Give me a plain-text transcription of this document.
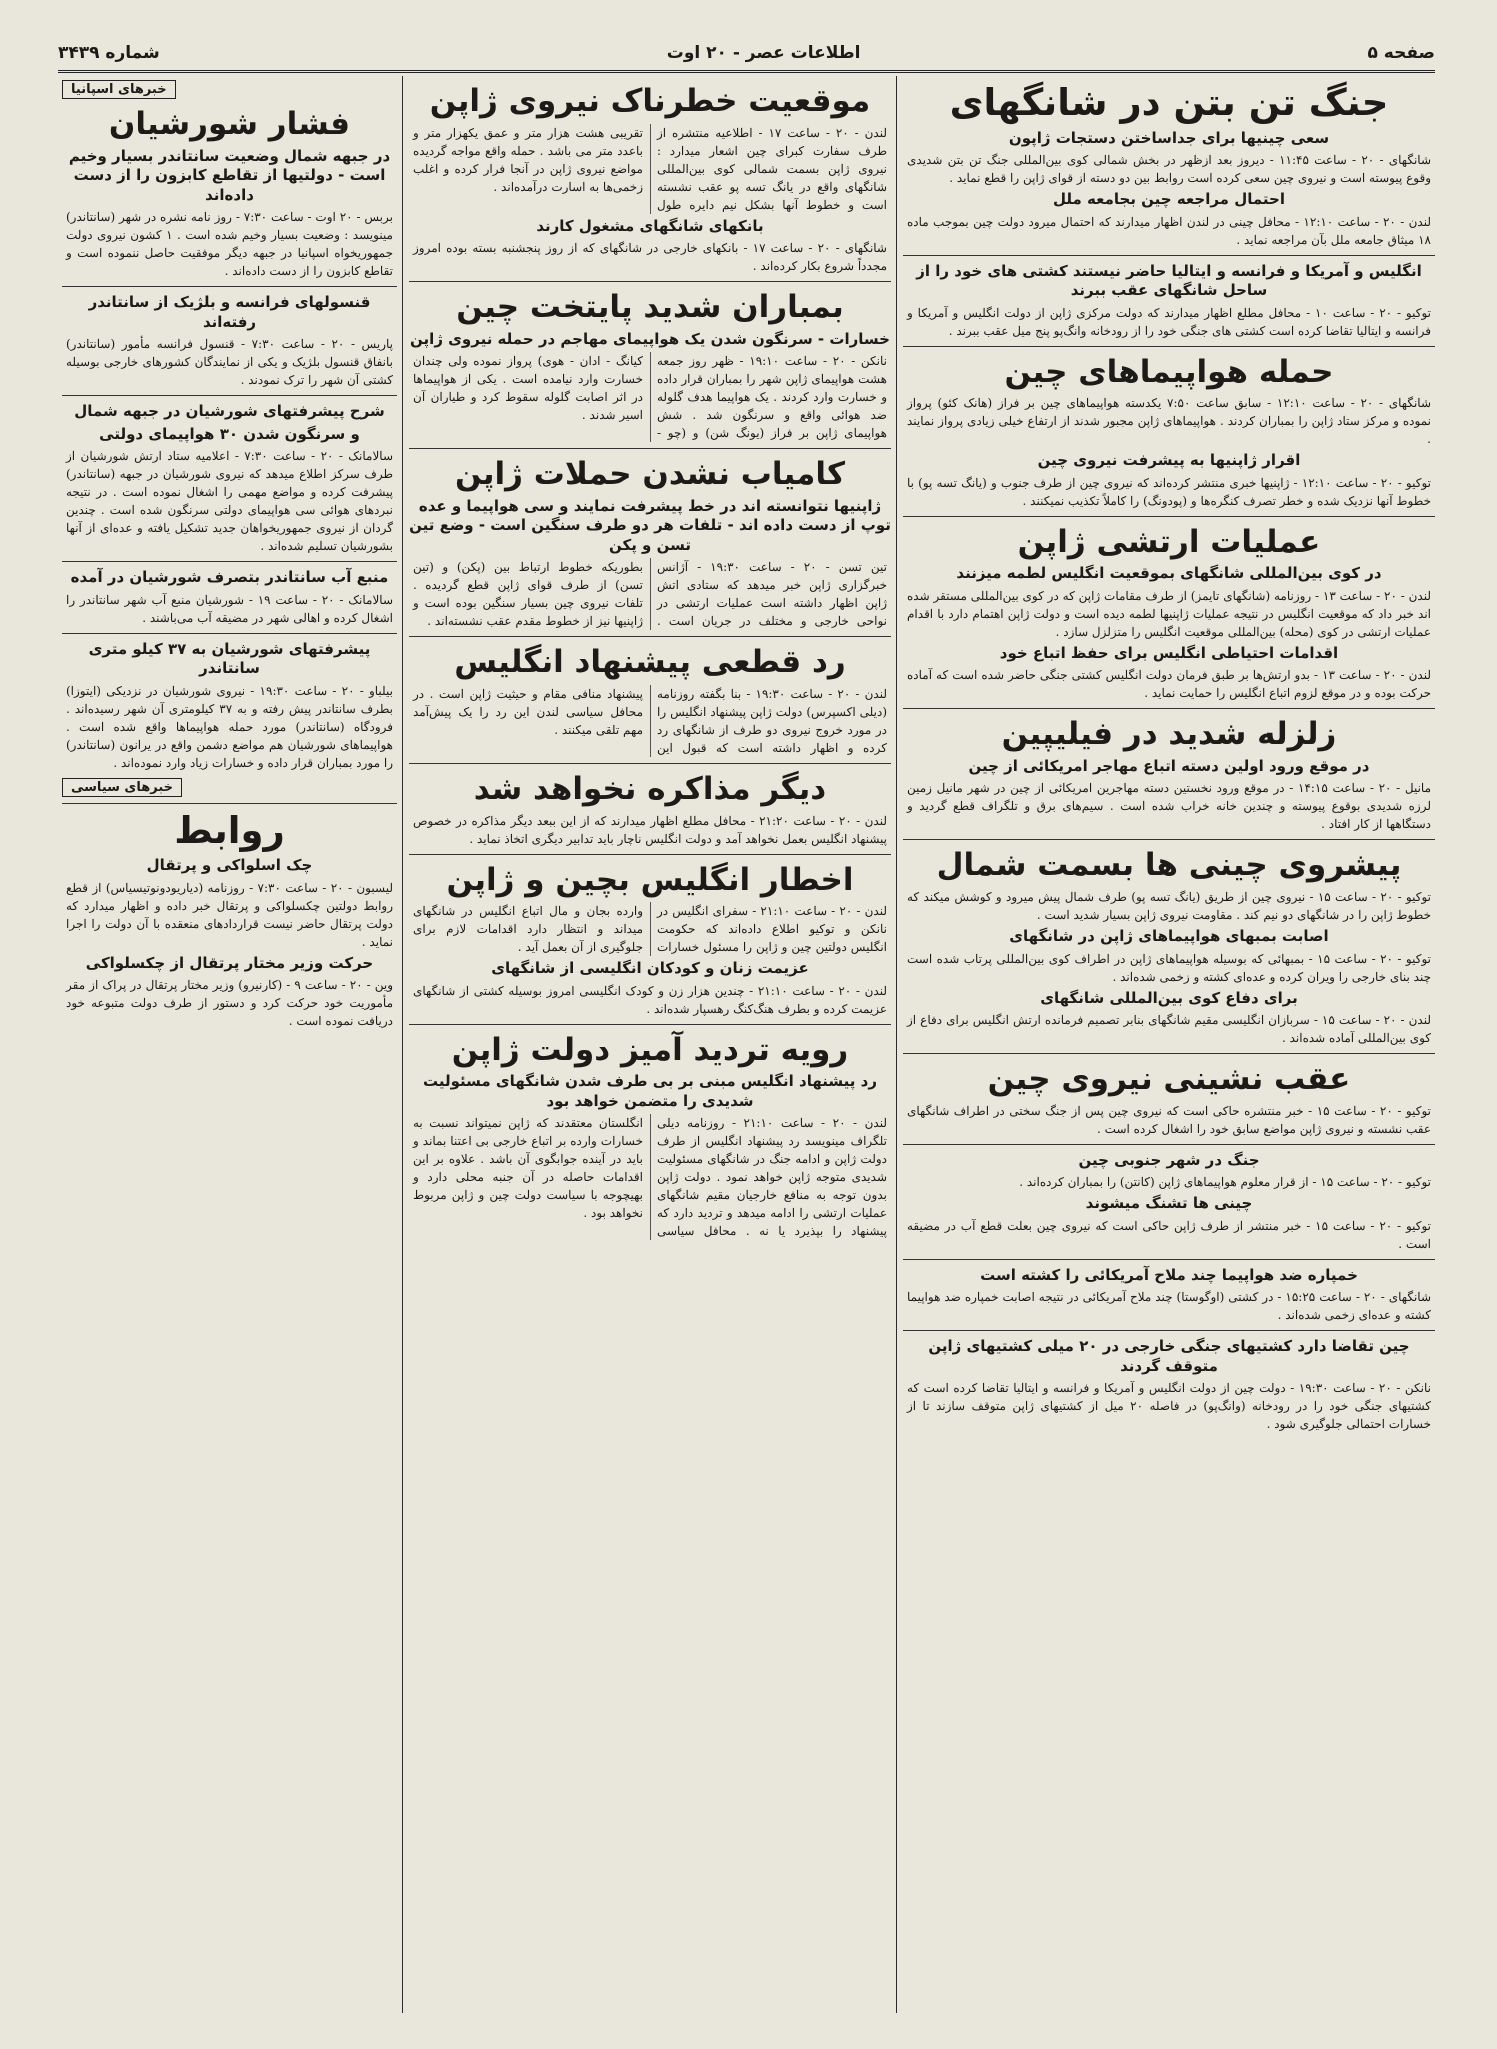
صفحه ۵
اطلاعات عصر - ۲۰ اوت
شماره ۳۴۳۹
جنگ تن بتن در شانگهای
سعی چینیها برای جداساختن دستجات ژاپون
شانگهای - ۲۰ - ساعت ۱۱:۴۵ - دیروز بعد ازظهر در بخش شمالی کوی بین‌المللی جنگ تن بتن شدیدی وقوع پیوسته است و نیروی چین سعی کرده است روابط بین دو دسته از قوای ژاپن را قطع نماید .
احتمال مراجعه چین بجامعه ملل
لندن - ۲۰ - ساعت ۱۲:۱۰ - محافل چینی در لندن اظهار میدارند که احتمال میرود دولت چین بموجب ماده ۱۸ میثاق جامعه ملل بآن مراجعه نماید .
انگلیس و آمریکا و فرانسه و ایتالیا حاضر نیستند کشتی های خود را از ساحل شانگهای عقب ببرند
توکیو - ۲۰ - ساعت ۱۰ - محافل مطلع اظهار میدارند که دولت مرکزی ژاپن از دولت انگلیس و آمریکا و فرانسه و ایتالیا تقاضا کرده است کشتی های جنگی خود را از رودخانه وانگ‌پو پنج میل عقب ببرند .
حمله هواپیماهای چین
شانگهای - ۲۰ - ساعت ۱۲:۱۰ - سابق ساعت ۷:۵۰ یکدسته هواپیماهای چین بر فراز (هانک کئو) پرواز نموده و مرکز ستاد ژاپن را بمباران کردند . هواپیماهای ژاپن مجبور شدند از ارتفاع خیلی زیادی پرواز نمایند .
اقرار ژاپنیها به پیشرفت نیروی چین
توکیو - ۲۰ - ساعت ۱۲:۱۰ - ژاپنیها خبری منتشر کرده‌اند که نیروی چین از طرف جنوب و (یانگ تسه پو) با خطوط آنها نزدیک شده و خطر تصرف کنگره‌ها و (پودونگ) را کاملاً تکذیب نمیکنند .
عملیات ارتشی ژاپن
در کوی بین‌المللی شانگهای بموقعیت انگلیس لطمه میزنند
لندن - ۲۰ - ساعت ۱۳ - روزنامه (شانگهای تایمز) از طرف مقامات ژاپن که در کوی بین‌المللی مستقر شده اند خبر داد که موقعیت انگلیس در نتیجه عملیات ژاپنیها لطمه دیده است و دولت ژاپن اهتمام دارد با اقدام عملیات ارتشی در کوی (محله) بین‌المللی موقعیت انگلیس را متزلزل سازد .
اقدامات احتیاطی انگلیس برای حفظ اتباع خود
لندن - ۲۰ - ساعت ۱۳ - بدو ارتش‌ها بر طبق فرمان دولت انگلیس کشتی جنگی حاضر شده است که آماده حرکت بوده و در موقع لزوم اتباع انگلیس را حمایت نماید .
زلزله شدید در فیلیپین
در موقع ورود اولین دسته اتباع مهاجر امریکائی از چین
مانیل - ۲۰ - ساعت ۱۴:۱۵ - در موقع ورود نخستین دسته مهاجرین امریکائی از چین در شهر مانیل زمین لرزه شدیدی بوقوع پیوسته و چندین خانه خراب شده است . سیم‌های برق و تلگراف قطع گردید و دستگاهها از کار افتاد .
پیشروی چینی ها بسمت شمال
توکیو - ۲۰ - ساعت ۱۵ - نیروی چین از طریق (یانگ تسه پو) طرف شمال پیش میرود و کوشش میکند که خطوط ژاپن را در شانگهای دو نیم کند . مقاومت نیروی ژاپن بسیار شدید است .
اصابت بمبهای هواپیماهای ژاپن در شانگهای
توکیو - ۲۰ - ساعت ۱۵ - بمبهائی که بوسیله هواپیماهای ژاپن در اطراف کوی بین‌المللی پرتاب شده است چند بنای خارجی را ویران کرده و عده‌ای کشته و زخمی شده‌اند .
برای دفاع کوی بین‌المللی شانگهای
لندن - ۲۰ - ساعت ۱۵ - سربازان انگلیسی مقیم شانگهای بنابر تصمیم فرمانده ارتش انگلیس برای دفاع از کوی بین‌المللی آماده شده‌اند .
عقب نشینی نیروی چین
توکیو - ۲۰ - ساعت ۱۵ - خبر منتشره حاکی است که نیروی چین پس از جنگ سختی در اطراف شانگهای عقب نشسته و نیروی ژاپن مواضع سابق خود را اشغال کرده است .
جنگ در شهر جنوبی چین
توکیو - ۲۰ - ساعت ۱۵ - از قرار معلوم هواپیماهای ژاپن (کانتن) را بمباران کرده‌اند .
چینی ها تشنگ میشوند
توکیو - ۲۰ - ساعت ۱۵ - خبر منتشر از طرف ژاپن حاکی است که نیروی چین بعلت قطع آب در مضیقه است .
خمپاره ضد هواپیما چند ملاح آمریکائی را کشته است
شانگهای - ۲۰ - ساعت ۱۵:۲۵ - در کشتی (اوگوستا) چند ملاح آمریکائی در نتیجه اصابت خمپاره ضد هواپیما کشته و عده‌ای زخمی شده‌اند .
چین تقاضا دارد کشتیهای جنگی خارجی در ۲۰ میلی کشتیهای ژاپن متوقف گردند
نانکن - ۲۰ - ساعت ۱۹:۳۰ - دولت چین از دولت انگلیس و آمریکا و فرانسه و ایتالیا تقاضا کرده است که کشتیهای جنگی خود را در رودخانه (وانگ‌پو) در فاصله ۲۰ میل از کشتیهای ژاپن متوقف سازند تا از خسارات احتمالی جلوگیری شود .
موقعیت خطرناک نیروی ژاپن
لندن - ۲۰ - ساعت ۱۷ - اطلاعیه منتشره از طرف سفارت کبرای چین اشعار میدارد : نیروی ژاپن بسمت شمالی کوی بین‌المللی شانگهای واقع در یانگ تسه پو عقب نشسته است و خطوط آنها بشکل نیم دایره طول تقریبی هشت هزار متر و عمق یکهزار متر و باعدد متر می باشد . حمله واقع مواجه گردیده مواضع نیروی ژاپن در آنجا فرار کرده و اغلب زخمی‌ها به اسارت درآمده‌اند .
بانکهای شانگهای مشغول کارند
شانگهای - ۲۰ - ساعت ۱۷ - بانکهای خارجی در شانگهای که از روز پنجشنبه بسته بوده امروز مجدداً شروع بکار کرده‌اند .
بمباران شدید پایتخت چین
خسارات - سرنگون شدن یک هواپیمای مهاجم در حمله نیروی ژاپن
نانکن - ۲۰ - ساعت ۱۹:۱۰ - ظهر روز جمعه هشت هواپیمای ژاپن شهر را بمباران قرار داده و خسارت وارد کردند . یک هواپیما هدف گلوله ضد هوائی واقع و سرنگون شد . شش هواپیمای ژاپن بر فراز (یونگ شن) و (چو - کیانگ - ادان - هوی) پرواز نموده ولی چندان خسارت وارد نیامده است . یکی از هواپیماها در اثر اصابت گلوله سقوط کرد و طیاران آن اسیر شدند .
کامیاب نشدن حملات ژاپن
ژاپنیها نتوانسته اند در خط پیشرفت نمایند و سی هواپیما و عده توپ از دست داده اند - تلفات هر دو طرف سنگین است - وضع تین تسن و پکن
تین تسن - ۲۰ - ساعت ۱۹:۳۰ - آژانس خبرگزاری ژاپن خبر میدهد که ستادی اتش ژاپن اظهار داشته است عملیات ارتشی در نواحی خارجی و مختلف در جریان است . بطوریکه خطوط ارتباط بین (پکن) و (تین تسن) از طرف قوای ژاپن قطع گردیده . تلفات نیروی چین بسیار سنگین بوده است و ژاپنیها نیز از خطوط مقدم عقب نشسته‌اند .
رد قطعی پیشنهاد انگلیس
لندن - ۲۰ - ساعت ۱۹:۳۰ - بنا بگفته روزنامه (دیلی اکسپرس) دولت ژاپن پیشنهاد انگلیس را در مورد خروج نیروی دو طرف از شانگهای رد کرده و اظهار داشته است که قبول این پیشنهاد منافی مقام و حیثیت ژاپن است . در محافل سیاسی لندن این رد را یک پیش‌آمد مهم تلقی میکنند .
دیگر مذاکره نخواهد شد
لندن - ۲۰ - ساعت ۲۱:۲۰ - محافل مطلع اظهار میدارند که از این ببعد دیگر مذاکره در خصوص پیشنهاد انگلیس بعمل نخواهد آمد و دولت انگلیس ناچار باید تدابیر دیگری اتخاذ نماید .
اخطار انگلیس بچین و ژاپن
لندن - ۲۰ - ساعت ۲۱:۱۰ - سفرای انگلیس در نانکن و توکیو اطلاع داده‌اند که حکومت انگلیس دولتین چین و ژاپن را مسئول خسارات وارده بجان و مال اتباع انگلیس در شانگهای میداند و انتظار دارد اقدامات لازم برای جلوگیری از آن بعمل آید .
عزیمت زنان و کودکان انگلیسی از شانگهای
لندن - ۲۰ - ساعت ۲۱:۱۰ - چندین هزار زن و کودک انگلیسی امروز بوسیله کشتی از شانگهای عزیمت کرده و بطرف هنگ‌کنگ رهسپار شده‌اند .
رویه تردید آمیز دولت ژاپن
رد پیشنهاد انگلیس مبنی بر بی طرف شدن شانگهای مسئولیت شدیدی را متضمن خواهد بود
لندن - ۲۰ - ساعت ۲۱:۱۰ - روزنامه دیلی تلگراف مینویسد رد پیشنهاد انگلیس از طرف دولت ژاپن و ادامه جنگ در شانگهای مسئولیت شدیدی متوجه ژاپن خواهد نمود . دولت ژاپن بدون توجه به منافع خارجیان مقیم شانگهای عملیات ارتشی را ادامه میدهد و تردید دارد که پیشنهاد را بپذیرد یا نه . محافل سیاسی انگلستان معتقدند که ژاپن نمیتواند نسبت به خسارات وارده بر اتباع خارجی بی اعتنا بماند و باید در آینده جوابگوی آن باشد . علاوه بر این اقدامات حاصله در آن جنبه محلی دارد و بهیچوجه با سیاست دولت چین و ژاپن مربوط نخواهد بود .
خبرهای اسپانیا
فشار شورشیان
در جبهه شمال وضعیت سانتاندر بسیار وخیم است - دولتیها از تقاطع کابزون را از دست داده‌اند
بربس - ۲۰ اوت - ساعت ۷:۳۰ - روز نامه نشره در شهر (سانتاندر) مینویسد : وضعیت بسیار وخیم شده است . ۱ کشون نیروی دولت جمهوریخواه اسپانیا در جبهه دیگر موفقیت حاصل ننموده است و تقاطع کابزون را از دست داده‌اند .
قنسولهای فرانسه و بلژیک از سانتاندر رفته‌اند
پاریس - ۲۰ - ساعت ۷:۳۰ - قنسول فرانسه مأمور (سانتاندر) بانفاق قنسول بلژیک و یکی از نمایندگان کشورهای خارجی بوسیله کشتی آن شهر را ترک نمودند .
شرح پیشرفتهای شورشیان در جبهه شمال
و سرنگون شدن ۳۰ هواپیمای دولتی
سالامانک - ۲۰ - ساعت ۷:۳۰ - اعلامیه ستاد ارتش شورشیان از طرف سرکز اطلاع میدهد که نیروی شورشیان در جبهه (سانتاندر) پیشرفت کرده و مواضع مهمی را اشغال نموده است . در نتیجه نبردهای هوائی سی هواپیمای دولتی سرنگون شده است . چندین گردان از نیروی جمهوریخواهان جدید تشکیل یافته و عده‌ای از آنها بشورشیان تسلیم شده‌اند .
منبع آب سانتاندر بتصرف شورشیان در آمده
سالامانک - ۲۰ - ساعت ۱۹ - شورشیان منبع آب شهر سانتاندر را اشغال کرده و اهالی شهر در مضیقه آب می‌باشند .
پیشرفتهای شورشیان به ۳۷ کیلو متری سانتاندر
بیلباو - ۲۰ - ساعت ۱۹:۳۰ - نیروی شورشیان در نزدیکی (ایتوزا) بطرف سانتاندر پیش رفته و به ۳۷ کیلومتری آن شهر رسیده‌اند . فرودگاه (سانتاندر) مورد حمله هواپیماها واقع شده است . هواپیماهای شورشیان هم مواضع دشمن واقع در یرانون (سانتاندر) را مورد بمباران قرار داده و خسارات زیاد وارد نموده‌اند .
خبرهای سیاسی
روابط
چک اسلواکی و پرتقال
لیسبون - ۲۰ - ساعت ۷:۳۰ - روزنامه (دیاریودونوتیسیاس) از قطع روابط دولتین چکسلواکی و پرتقال خبر داده و اظهار میدارد که دولت پرتقال حاضر نیست قراردادهای منعقده با آن دولت را اجرا نماید .
حرکت وزیر مختار پرتقال از چکسلواکی
وین - ۲۰ - ساعت ۹ - (کارنیرو) وزیر مختار پرتقال در پراک از مقر مأموریت خود حرکت کرد و دستور از طرف دولت متبوعه خود دریافت نموده است .
